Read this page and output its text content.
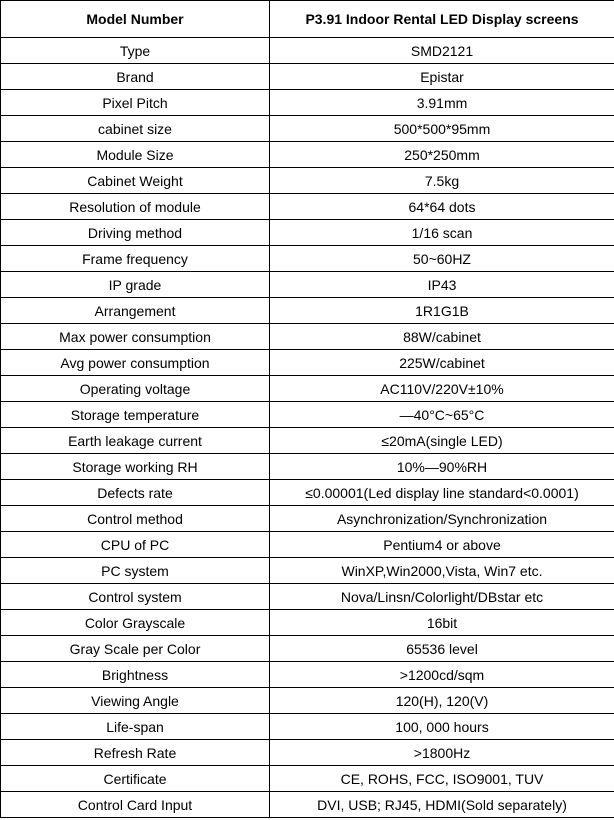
Model Number	P3.91 Indoor Rental LED Display screens
Type	SMD2121
Brand	Epistar
Pixel Pitch	3.91mm
cabinet size	500*500*95mm
Module Size	250*250mm
Cabinet Weight	7.5kg
Resolution of module	64*64 dots
Driving method	1/16 scan
Frame frequency	50~60HZ
IP grade	IP43
Arrangement	1R1G1B
Max power consumption	88W/cabinet
Avg power consumption	225W/cabinet
Operating voltage	AC110V/220V±10%
Storage temperature	—40°C~65°C
Earth leakage current	≤20mA(single LED)
Storage working RH	10%—90%RH
Defects rate	≤0.00001(Led display line standard<0.0001)
Control method	Asynchronization/Synchronization
CPU of PC	Pentium4 or above
PC system	WinXP,Win2000,Vista, Win7 etc.
Control system	Nova/Linsn/Colorlight/DBstar etc
Color Grayscale	16bit
Gray Scale per Color	65536 level
Brightness	>1200cd/sqm
Viewing Angle	120(H), 120(V)
Life-span	100, 000 hours
Refresh Rate	>1800Hz
Certificate	CE, ROHS, FCC, ISO9001, TUV
Control Card Input	DVI, USB; RJ45, HDMI(Sold separately)
